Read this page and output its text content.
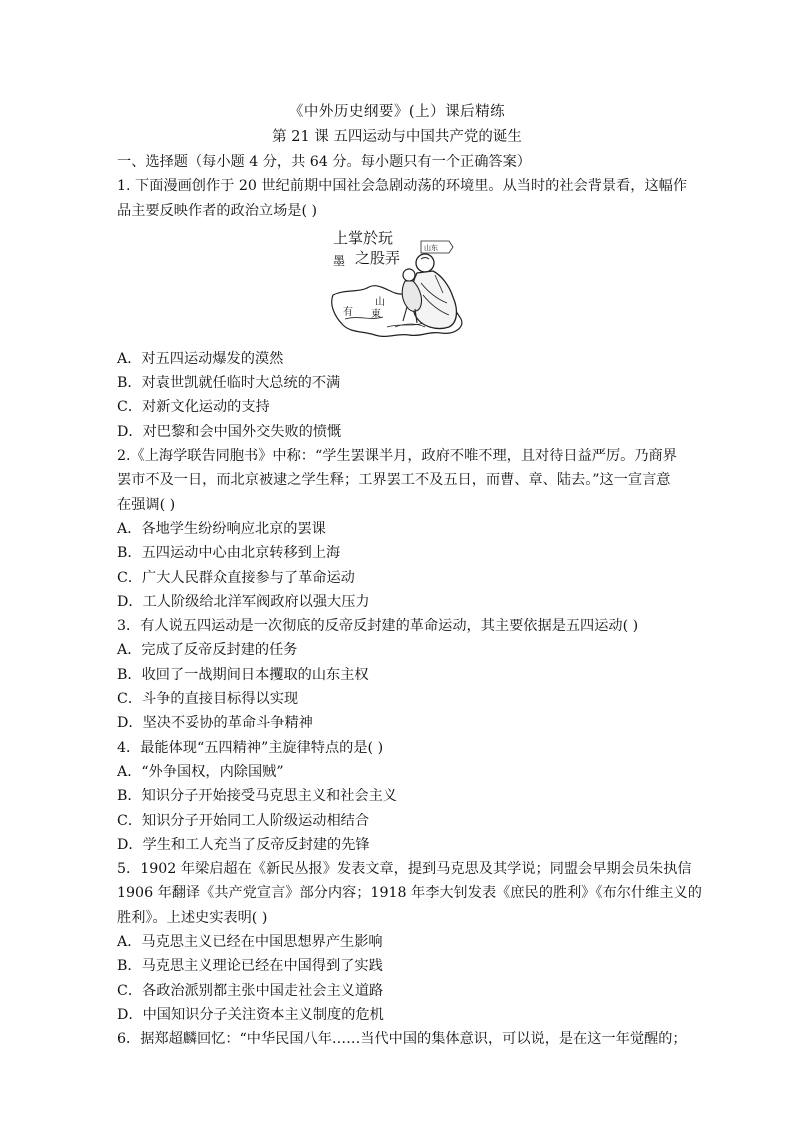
《中外历史纲要》(上）课后精练
第 21 课 五四运动与中国共产党的诞生
一、选择题（每小题 4 分，共 64 分。每小题只有一个正确答案）
1. 下面漫画创作于 20 世纪前期中国社会急剧动荡的环境里。从当时的社会背景看，这幅作
品主要反映作者的政治立场是( )
上掌於玩
之股弄
墨
山东
山
東
有
A．对五四运动爆发的漠然
B．对袁世凯就任临时大总统的不满
C．对新文化运动的支持
D．对巴黎和会中国外交失败的愤慨
2.《上海学联告同胞书》中称：“学生罢课半月，政府不唯不理，且对待日益严厉。乃商界
罢市不及一日，而北京被逮之学生释；工界罢工不及五日，而曹、章、陆去。”这一宣言意
在强调( )
A．各地学生纷纷响应北京的罢课
B．五四运动中心由北京转移到上海
C．广大人民群众直接参与了革命运动
D．工人阶级给北洋军阀政府以强大压力
3．有人说五四运动是一次彻底的反帝反封建的革命运动，其主要依据是五四运动( )
A．完成了反帝反封建的任务
B．收回了一战期间日本攫取的山东主权
C．斗争的直接目标得以实现
D．坚决不妥协的革命斗争精神
4．最能体现“五四精神”主旋律特点的是( )
A．“外争国权，内除国贼”
B．知识分子开始接受马克思主义和社会主义
C．知识分子开始同工人阶级运动相结合
D．学生和工人充当了反帝反封建的先锋
5．1902 年梁启超在《新民丛报》发表文章，提到马克思及其学说；同盟会早期会员朱执信
1906 年翻译《共产党宣言》部分内容；1918 年李大钊发表《庶民的胜利》《布尔什维主义的
胜利》。上述史实表明( )
A．马克思主义已经在中国思想界产生影响
B．马克思主义理论已经在中国得到了实践
C．各政治派别都主张中国走社会主义道路
D．中国知识分子关注资本主义制度的危机
6．据郑超麟回忆：“中华民国八年……当代中国的集体意识，可以说，是在这一年觉醒的；
